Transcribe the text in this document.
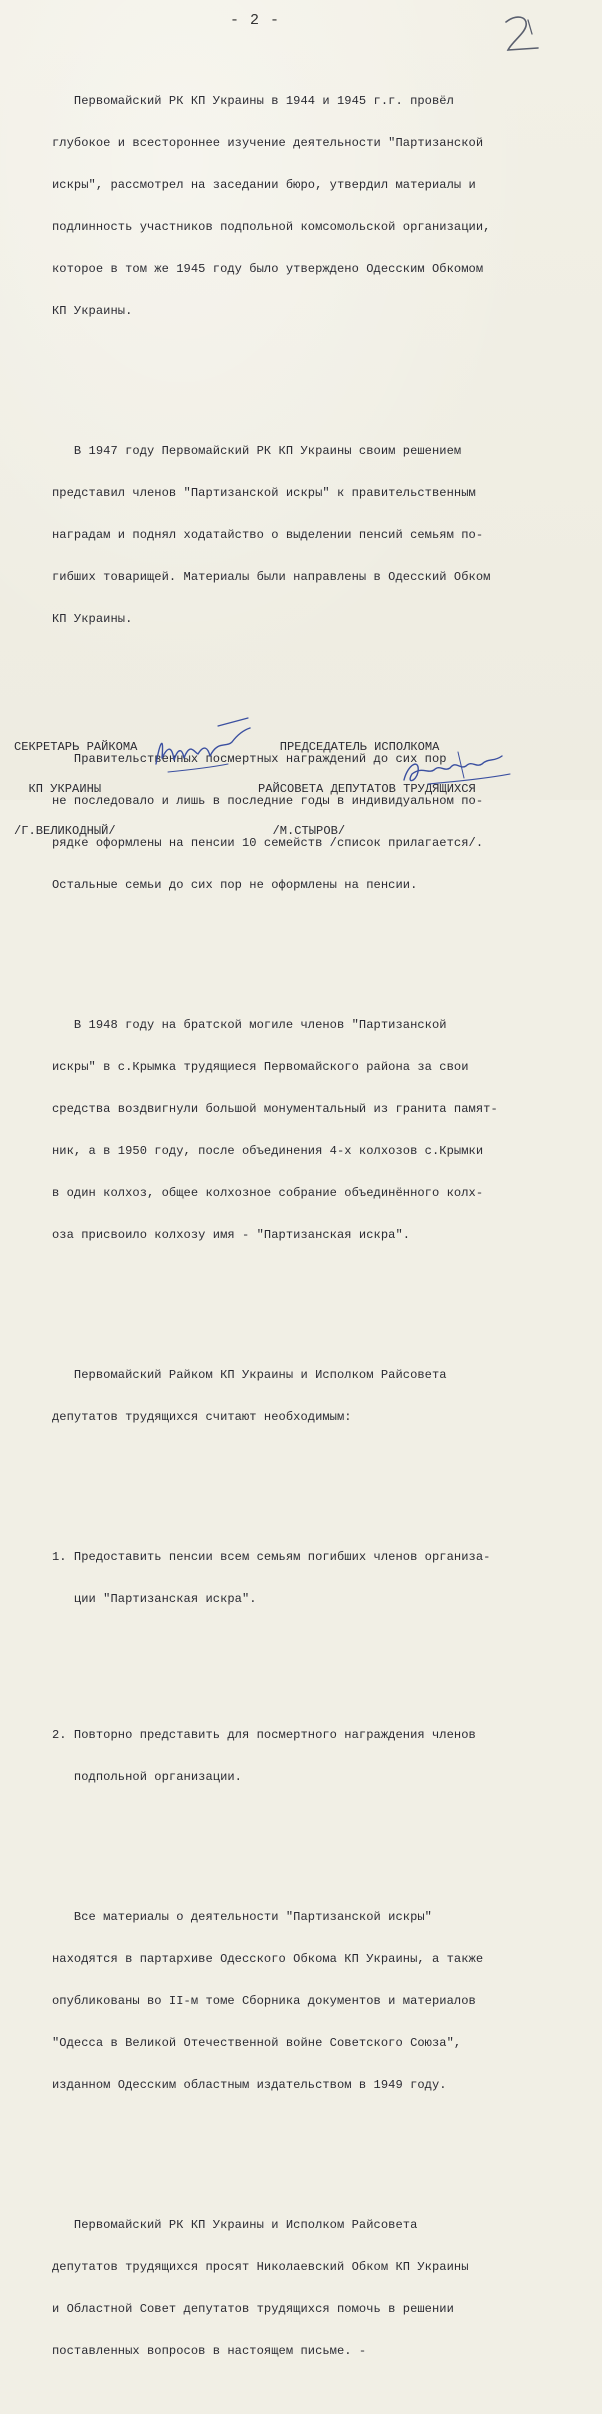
- 2 -

Первомайский РК КП Украины в 1944 и 1945 г.г. провёл

глубокое и всестороннее изучение деятельности "Партизанской

искры", рассмотрел на заседании бюро, утвердил материалы и

подлинность участников подпольной комсомольской организации,

которое в том же 1945 году было утверждено Одесским Обкомом

КП Украины.

В 1947 году Первомайский РК КП Украины своим решением

представил членов "Партизанской искры" к правительственным

наградам и поднял ходатайство о выделении пенсий семьям по-

гибших товарищей. Материалы были направлены в Одесский Обком

КП Украины.

Правительственных посмертных награждений до сих пор

не последовало и лишь в последние годы в индивидуальном по-

рядке оформлены на пенсии 10 семейств /список прилагается/.

Остальные семьи до сих пор не оформлены на пенсии.

В 1948 году на братской могиле членов "Партизанской

искры" в с.Крымка трудящиеся Первомайского района за свои

средства воздвигнули большой монументальный из гранита памят-

ник, а в 1950 году, после объединения 4-х колхозов с.Крымки

в один колхоз, общее колхозное собрание объединённого колх-

оза присвоило колхозу имя - "Партизанская искра".

Первомайский Райком КП Украины и Исполком Райсовета

депутатов трудящихся считают необходимым:

1. Предоставить пенсии всем семьям погибших членов организа-

ции "Партизанская искра".

2. Повторно представить для посмертного награждения членов

подпольной организации.

Все материалы о деятельности "Партизанской искры"

находятся в партархиве Одесского Обкома КП Украины, а также

опубликованы во II-м томе Сборника документов и материалов

"Одесса в Великой Отечественной войне Советского Союза",

изданном Одесским областным издательством в 1949 году.

Первомайский РК КП Украины и Исполком Райсовета

депутатов трудящихся просят Николаевский Обком КП Украины

и Областной Совет депутатов трудящихся помочь в решении

поставленных вопросов в настоящем письме. -

СЕКРЕТАРЬ РАЙКОМА

КП УКРАИНЫ

/Г.ВЕЛИКОДНЫЙ/

ПРЕДСЕДАТЕЛЬ ИСПОЛКОМА

РАЙСОВЕТА ДЕПУТАТОВ ТРУДЯЩИХСЯ

/М.СТЫРОВ/
